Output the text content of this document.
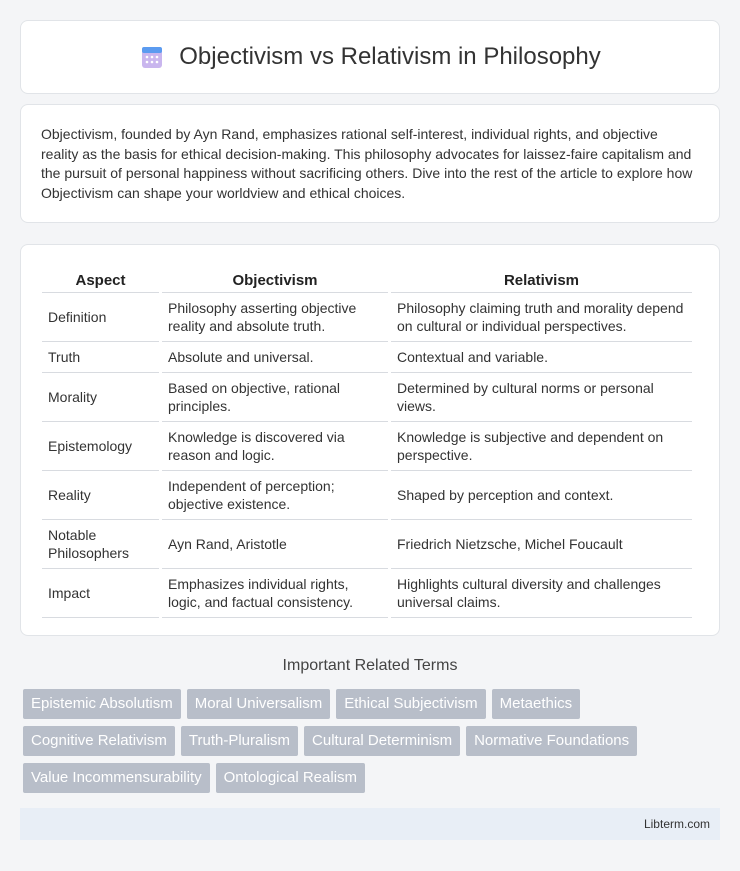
Objectivism vs Relativism in Philosophy

Objectivism, founded by Ayn Rand, emphasizes rational self-interest, individual rights, and objective reality as the basis for ethical decision-making. This philosophy advocates for laissez-faire capitalism and the pursuit of personal happiness without sacrificing others. Dive into the rest of the article to explore how Objectivism can shape your worldview and ethical choices.

Aspect	Objectivism	Relativism
Definition	Philosophy asserting objective reality and absolute truth.	Philosophy claiming truth and morality depend on cultural or individual perspectives.
Truth	Absolute and universal.	Contextual and variable.
Morality	Based on objective, rational principles.	Determined by cultural norms or personal views.
Epistemology	Knowledge is discovered via reason and logic.	Knowledge is subjective and dependent on perspective.
Reality	Independent of perception; objective existence.	Shaped by perception and context.
Notable Philosophers	Ayn Rand, Aristotle	Friedrich Nietzsche, Michel Foucault
Impact	Emphasizes individual rights, logic, and factual consistency.	Highlights cultural diversity and challenges universal claims.
Important Related Terms
Epistemic Absolutism	Moral Universalism	Ethical Subjectivism	Metaethics
Cognitive Relativism	Truth-Pluralism	Cultural Determinism	Normative Foundations
Value Incommensurability	Ontological Realism
Libterm.com
